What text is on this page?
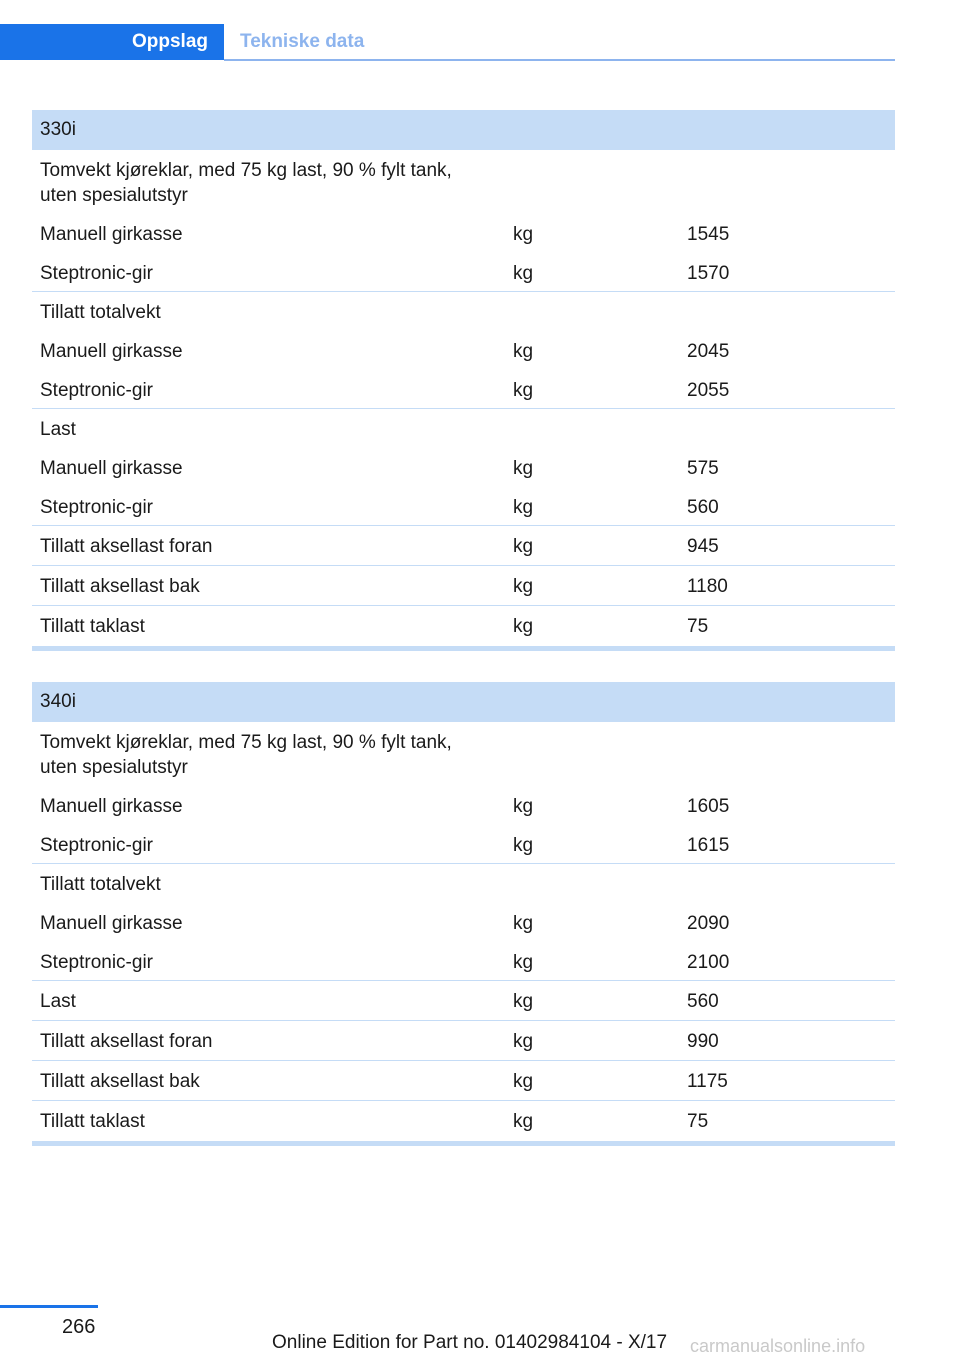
Oppslag Tekniske data
330i
Tomvekt kjøreklar, med 75 kg last, 90 % fylt tank, uten spesialutstyr
Manuell girkasse	kg	1545
Steptronic-gir	kg	1570
Tillatt totalvekt
Manuell girkasse	kg	2045
Steptronic-gir	kg	2055
Last
Manuell girkasse	kg	575
Steptronic-gir	kg	560
Tillatt aksellast foran	kg	945
Tillatt aksellast bak	kg	1180
Tillatt taklast	kg	75
340i
Tomvekt kjøreklar, med 75 kg last, 90 % fylt tank, uten spesialutstyr
Manuell girkasse	kg	1605
Steptronic-gir	kg	1615
Tillatt totalvekt
Manuell girkasse	kg	2090
Steptronic-gir	kg	2100
Last	kg	560
Tillatt aksellast foran	kg	990
Tillatt aksellast bak	kg	1175
Tillatt taklast	kg	75
266
Online Edition for Part no. 01402984104 - X/17 carmanualsonline.info
